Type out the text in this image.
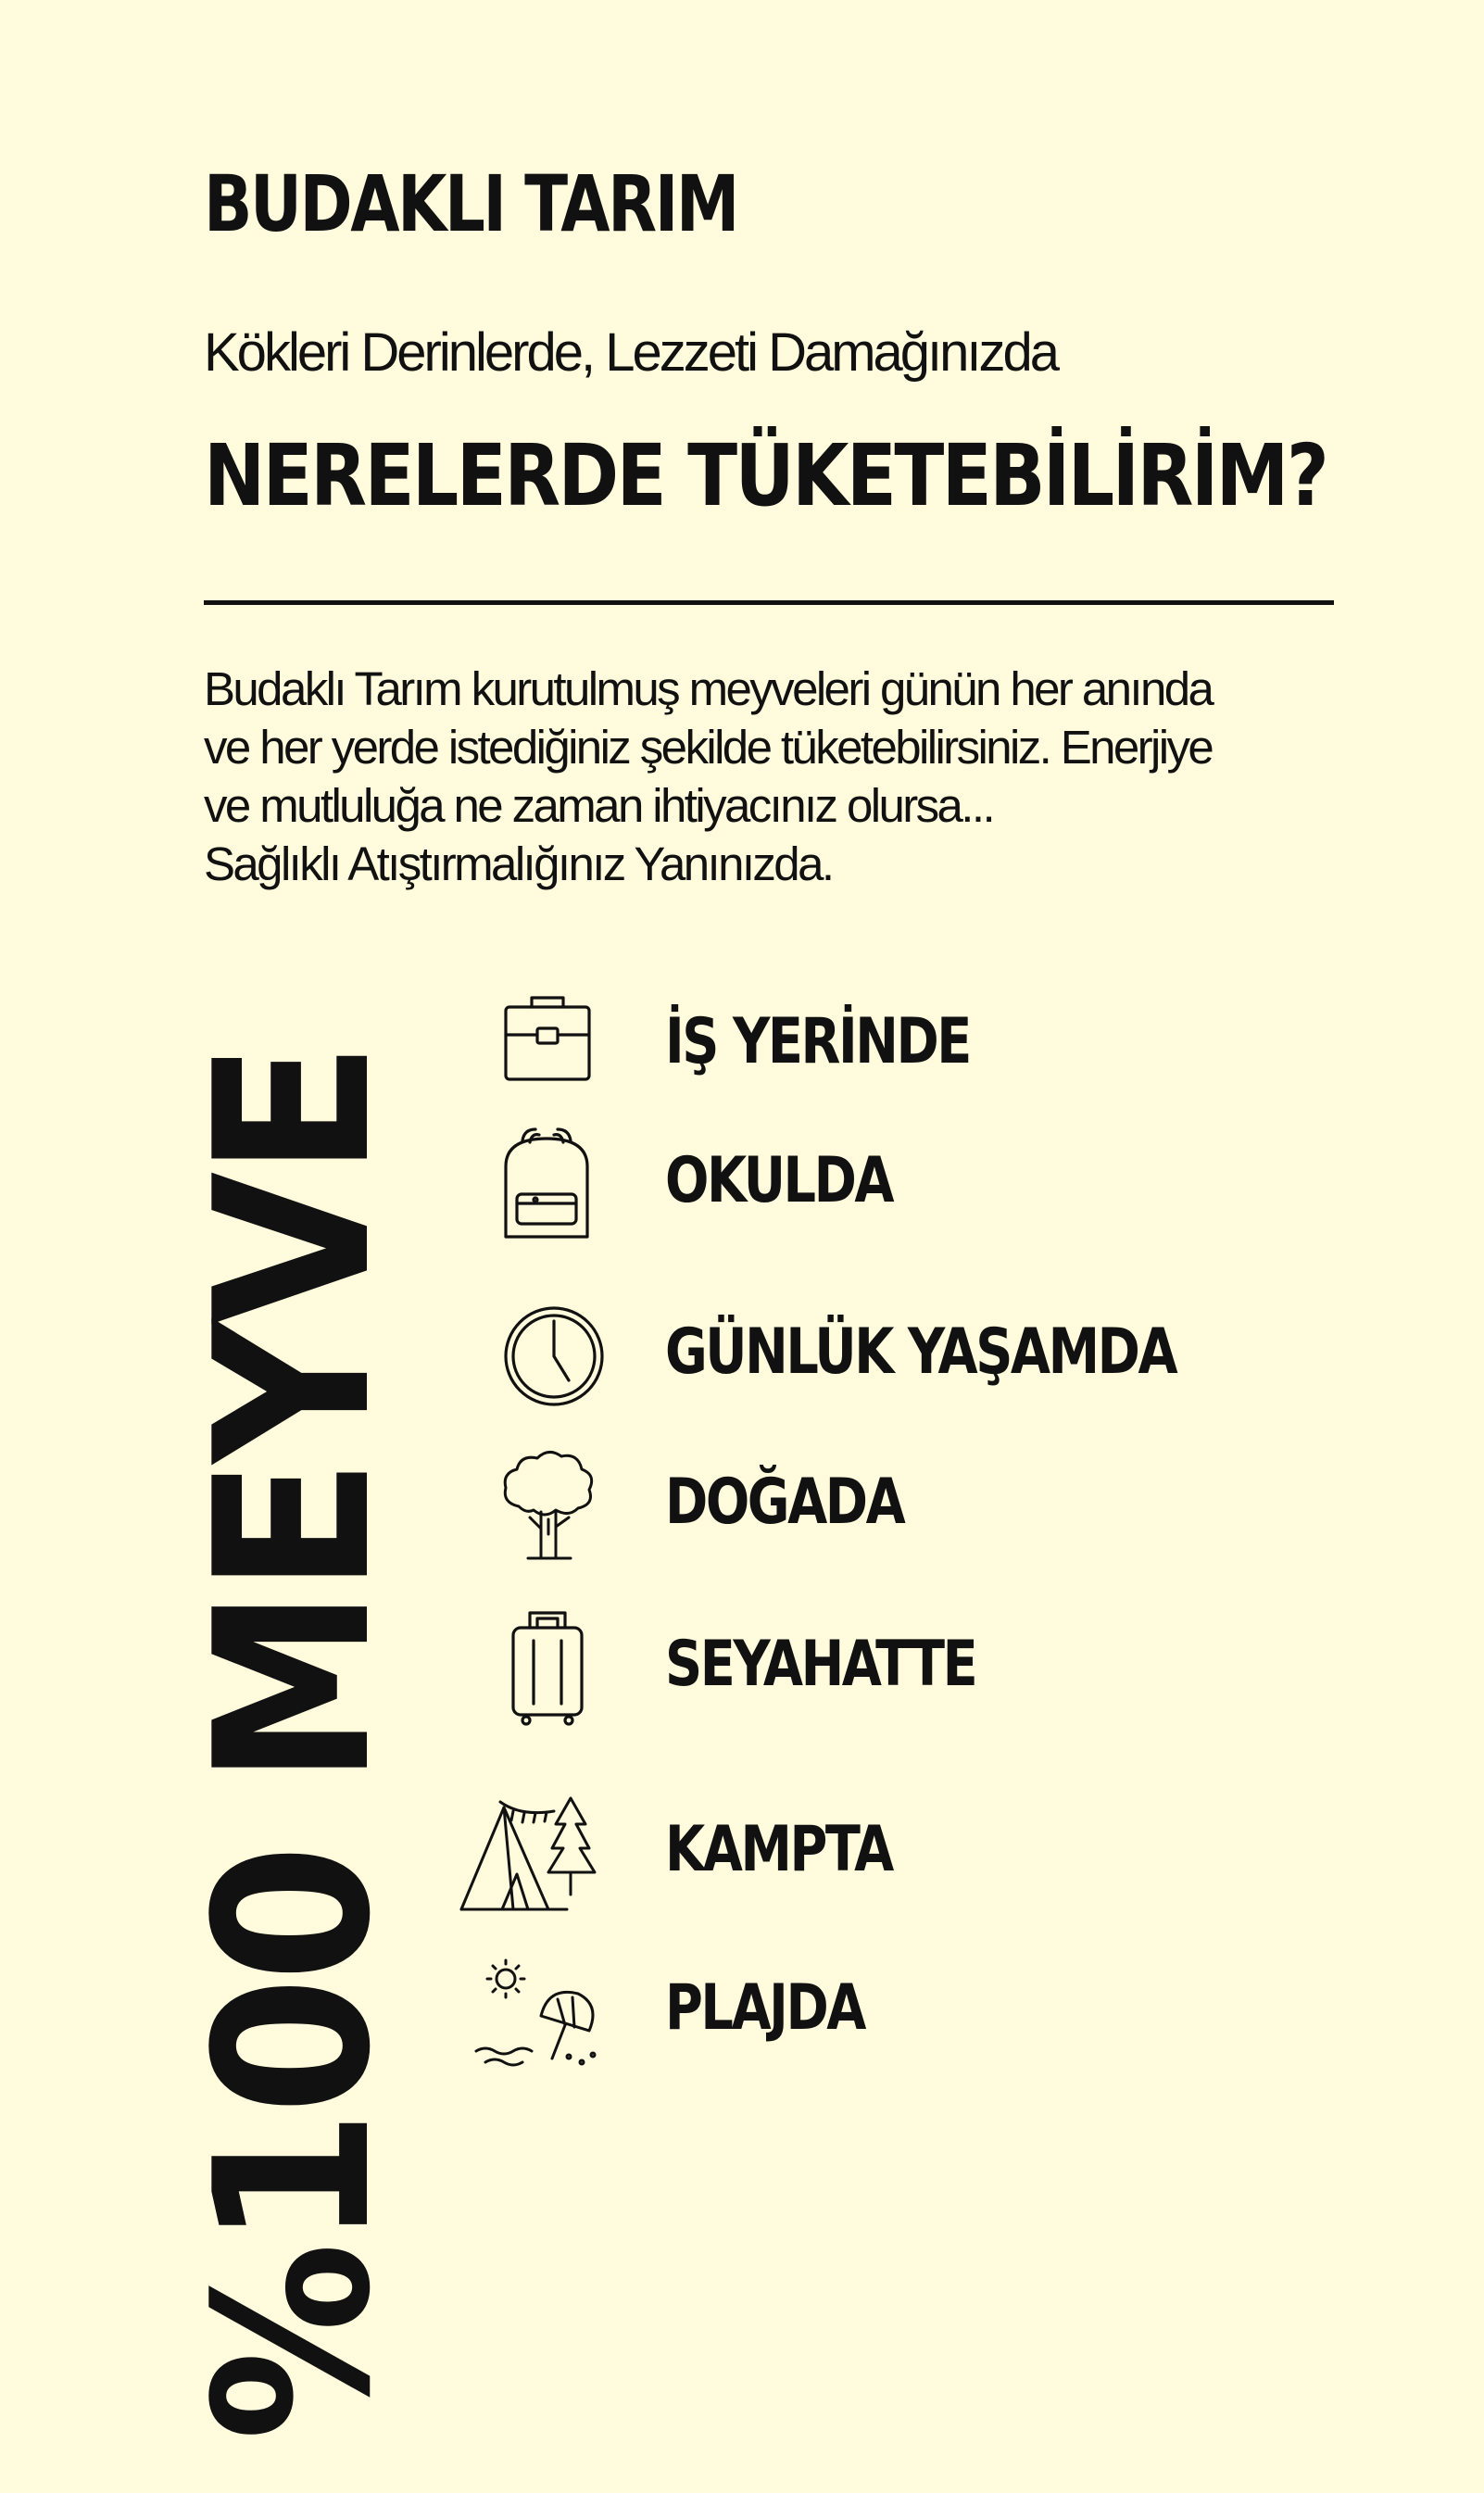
BUDAKLI TARIM
Kökleri Derinlerde, Lezzeti Damağınızda
NERELERDE TÜKETEBİLİRİM?

Budaklı Tarım kurutulmuş meyveleri günün her anında

ve her yerde istediğiniz şekilde tüketebilirsiniz. Enerjiye

ve mutluluğa ne zaman ihtiyacınız olursa...

Sağlıklı Atıştırmalığınız Yanınızda.

%100 MEYVE
İŞ YERİNDE
OKULDA
GÜNLÜK YAŞAMDA
DOĞADA
SEYAHATTE
KAMPTA
PLAJDA
